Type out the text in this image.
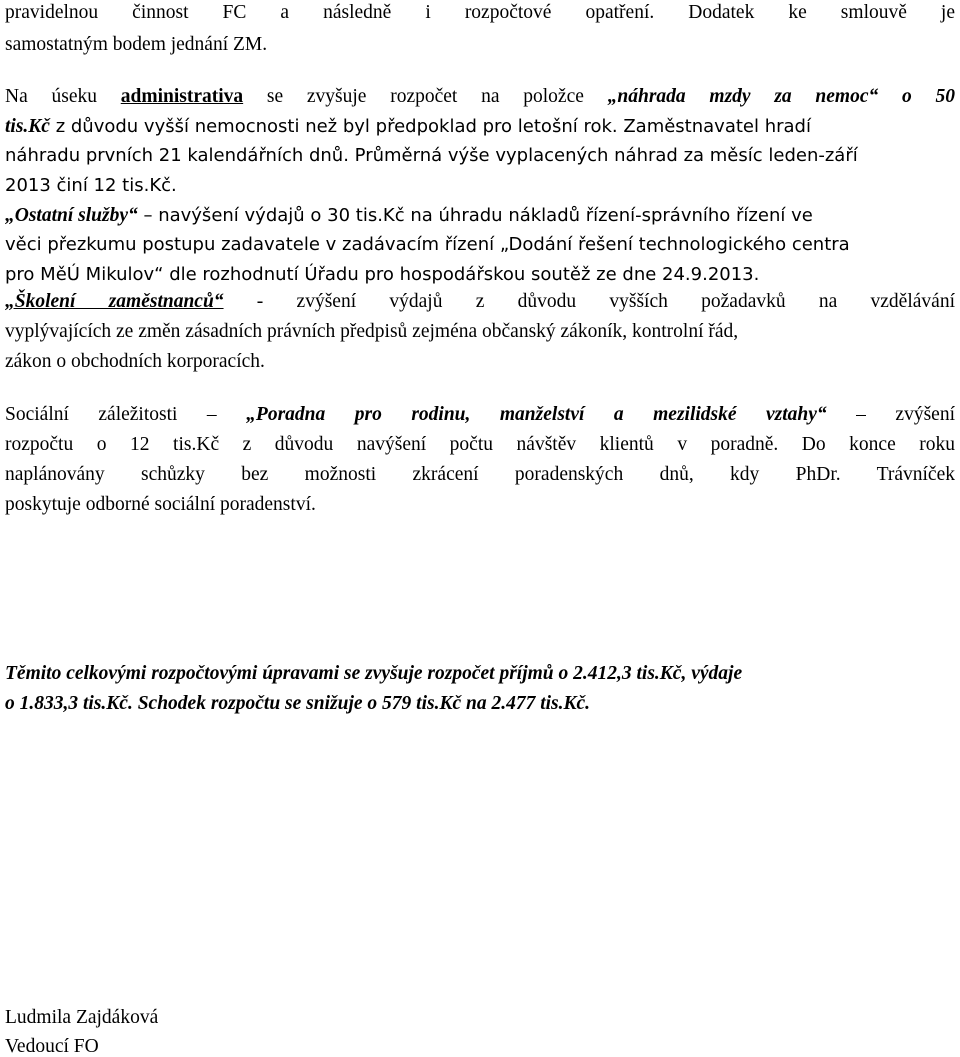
pravidelnou činnost FC a následně i rozpočtové opatření. Dodatek ke smlouvě je

samostatným bodem jednání ZM.

Na úseku administrativa se zvyšuje rozpočet na položce „náhrada mzdy za nemoc“ o 50

tis.Kč z důvodu vyšší nemocnosti než byl předpoklad pro letošní rok. Zaměstnavatel hradí

náhradu prvních 21 kalendářních dnů. Průměrná výše vyplacených náhrad za měsíc leden-září

2013 činí 12 tis.Kč.

„Ostatní služby“ – navýšení výdajů o 30 tis.Kč na úhradu nákladů řízení-správního řízení ve

věci přezkumu postupu zadavatele v zadávacím řízení „Dodání řešení technologického centra

pro MěÚ Mikulov“ dle rozhodnutí Úřadu pro hospodářskou soutěž ze dne 24.9.2013.

„Školení zaměstnanců“ - zvýšení výdajů z důvodu vyšších požadavků na vzdělávání

vyplývajících ze změn zásadních právních předpisů zejména občanský zákoník, kontrolní řád,

zákon o obchodních korporacích.

Sociální záležitosti – „Poradna pro rodinu, manželství a mezilidské vztahy“ – zvýšení

rozpočtu o 12 tis.Kč z důvodu navýšení počtu návštěv klientů v poradně. Do konce roku

naplánovány schůzky bez možnosti zkrácení poradenských dnů, kdy PhDr. Trávníček

poskytuje odborné sociální poradenství.

Těmito celkovými rozpočtovými úpravami se zvyšuje rozpočet příjmů o 2.412,3 tis.Kč, výdaje

o 1.833,3 tis.Kč. Schodek rozpočtu se snižuje o 579 tis.Kč na 2.477 tis.Kč.

Ludmila Zajdáková

Vedoucí FO
